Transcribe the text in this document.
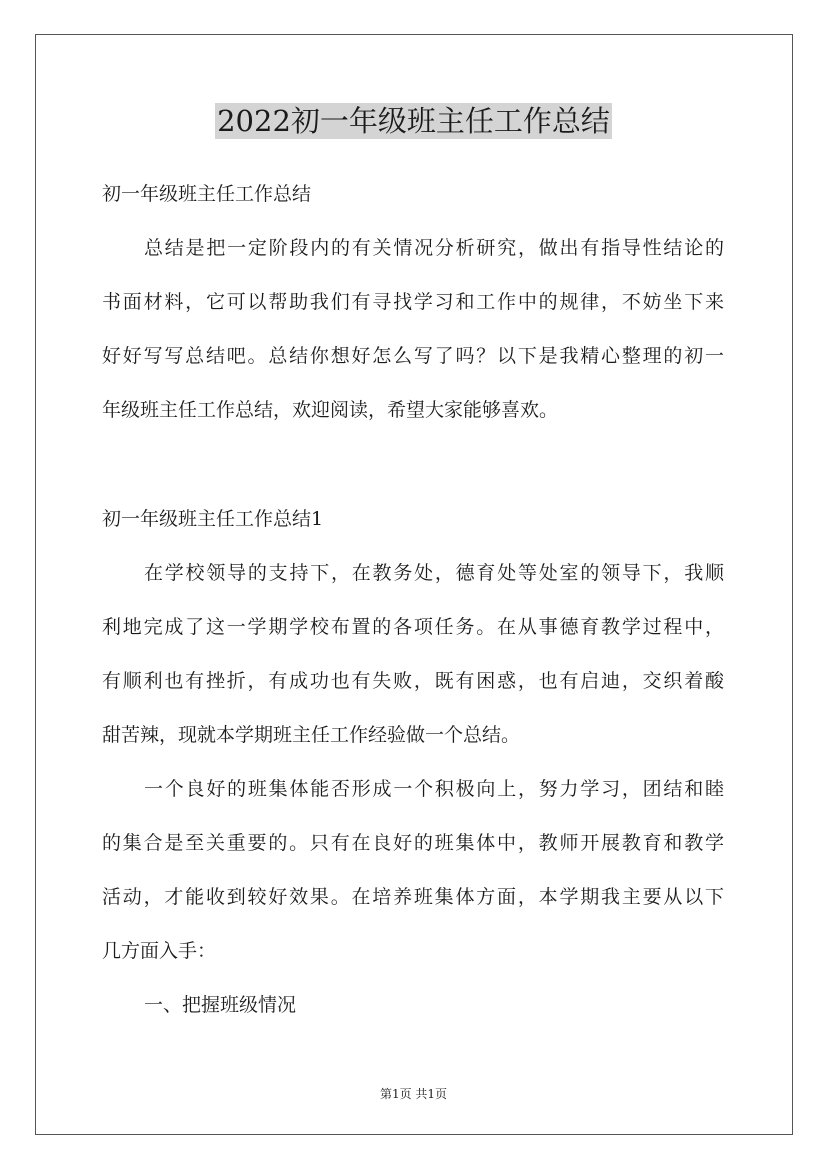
2022初一年级班主任工作总结
初一年级班主任工作总结
总结是把一定阶段内的有关情况分析研究，做出有指导性结论的
书面材料，它可以帮助我们有寻找学习和工作中的规律，不妨坐下来
好好写写总结吧。总结你想好怎么写了吗？以下是我精心整理的初一
年级班主任工作总结，欢迎阅读，希望大家能够喜欢。
初一年级班主任工作总结1
在学校领导的支持下，在教务处，德育处等处室的领导下，我顺
利地完成了这一学期学校布置的各项任务。在从事德育教学过程中，
有顺利也有挫折，有成功也有失败，既有困惑，也有启迪，交织着酸
甜苦辣，现就本学期班主任工作经验做一个总结。
一个良好的班集体能否形成一个积极向上，努力学习，团结和睦
的集合是至关重要的。只有在良好的班集体中，教师开展教育和教学
活动，才能收到较好效果。在培养班集体方面，本学期我主要从以下
几方面入手：
一、把握班级情况
第1页 共1页
